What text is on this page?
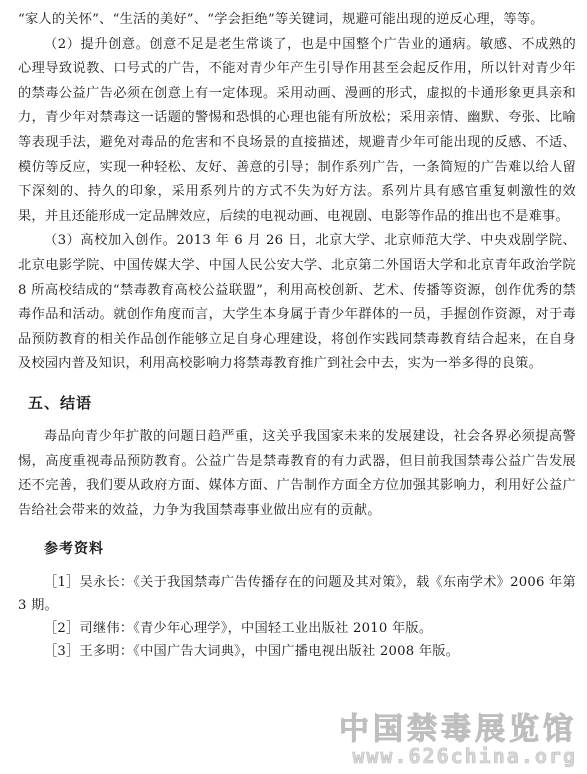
“家人的关怀”、“生活的美好”、“学会拒绝”等关键词，规避可能出现的逆反心理，等等。

（2）提升创意。创意不足是老生常谈了，也是中国整个广告业的通病。敏感、不成熟的心理导致说教、口号式的广告，不能对青少年产生引导作用甚至会起反作用，所以针对青少年的禁毒公益广告必须在创意上有一定体现。采用动画、漫画的形式，虚拟的卡通形象更具亲和力，青少年对禁毒这一话题的警惕和恐惧的心理也能有所放松；采用亲情、幽默、夸张、比喻等表现手法，避免对毒品的危害和不良场景的直接描述，规避青少年可能出现的反感、不适、模仿等反应，实现一种轻松、友好、善意的引导；制作系列广告，一条简短的广告难以给人留下深刻的、持久的印象，采用系列片的方式不失为好方法。系列片具有感官重复刺激性的效果，并且还能形成一定品牌效应，后续的电视动画、电视剧、电影等作品的推出也不是难事。

（3）高校加入创作。2013 年 6 月 26 日，北京大学、北京师范大学、中央戏剧学院、北京电影学院、中国传媒大学、中国人民公安大学、北京第二外国语大学和北京青年政治学院 8 所高校结成的“禁毒教育高校公益联盟”，利用高校创新、艺术、传播等资源，创作优秀的禁毒作品和活动。就创作角度而言，大学生本身属于青少年群体的一员，手握创作资源，对于毒品预防教育的相关作品创作能够立足自身心理建设，将创作实践同禁毒教育结合起来，在自身及校园内普及知识，利用高校影响力将禁毒教育推广到社会中去，实为一举多得的良策。

五、结语

毒品向青少年扩散的问题日趋严重，这关乎我国家未来的发展建设，社会各界必须提高警惕，高度重视毒品预防教育。公益广告是禁毒教育的有力武器，但目前我国禁毒公益广告发展还不完善，我们要从政府方面、媒体方面、广告制作方面全方位加强其影响力，利用好公益广告给社会带来的效益，力争为我国禁毒事业做出应有的贡献。

参考资料

［1］吴永长：《关于我国禁毒广告传播存在的问题及其对策》，载《东南学术》2006 年第 3 期。

［2］司继伟：《青少年心理学》，中国轻工业出版社 2010 年版。

［3］王多明：《中国广告大词典》，中国广播电视出版社 2008 年版。

中国禁毒展览馆
www.626china.org
